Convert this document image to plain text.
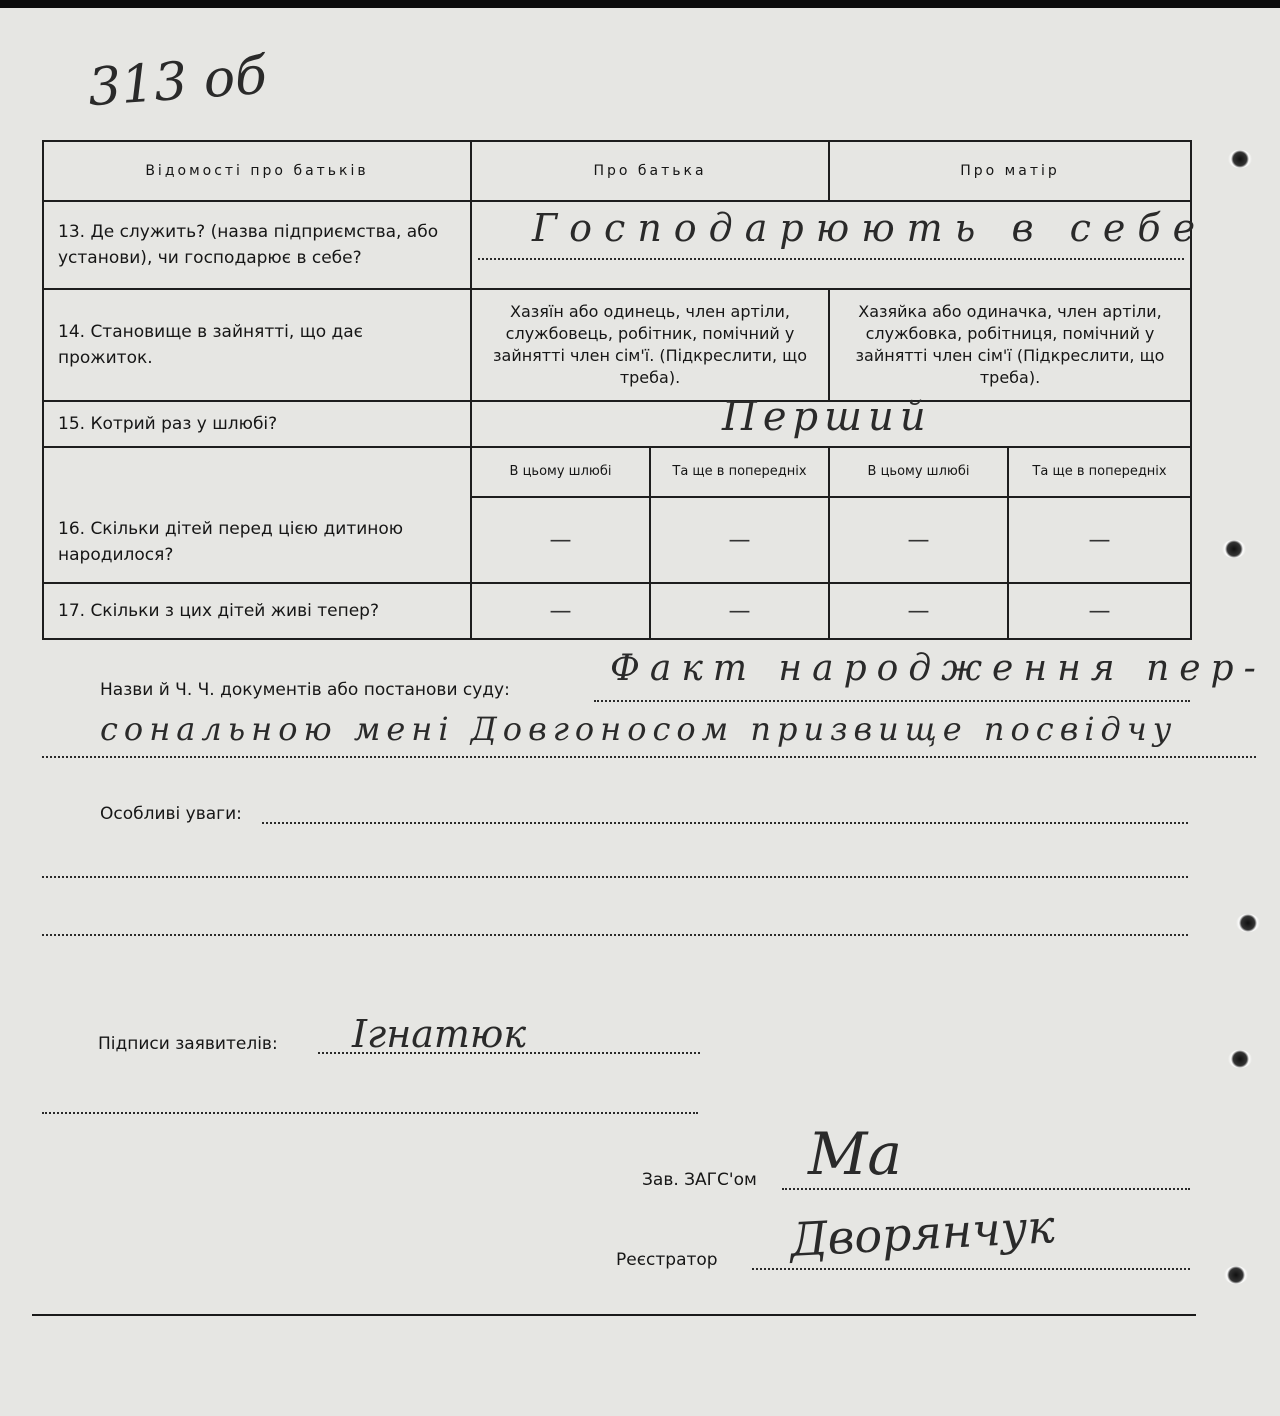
313 об
Відомості про батьків	Про батька		Про матір	
13. Де служить? (назва підприємства, або установи), чи господарює в себе?	Господарюють в себе			

14. Становище в зайнятті, що дає прожиток.	Хазяїн або одинець, член артіли, службовець, робітник, помічний у зайнятті член сім'ї. (Підкреслити, що треба).		Хазяйка або одиначка, член артіли, службовка, робітниця, помічний у зайнятті член сім'ї (Підкреслити, що треба).	
15. Котрий раз у шлюбі?	Перший			

16. Скільки дітей перед цією дитиною народилося?	В цьому шлюбі	Та ще в попередніх	В цьому шлюбі	Та ще в попередніх
	—	—	—	—
17. Скільки з цих дітей живі тепер?	—	—	—	—
Назви й Ч. Ч. документів або постанови суду:
Факт народження пер-
сональною мені Довгоносом призвище посвідчу
Особливі уваги:
Підписи заявителів: Ігнатюк
Зав. ЗАГС'ом Ма
Реєстратор Дворянчук
